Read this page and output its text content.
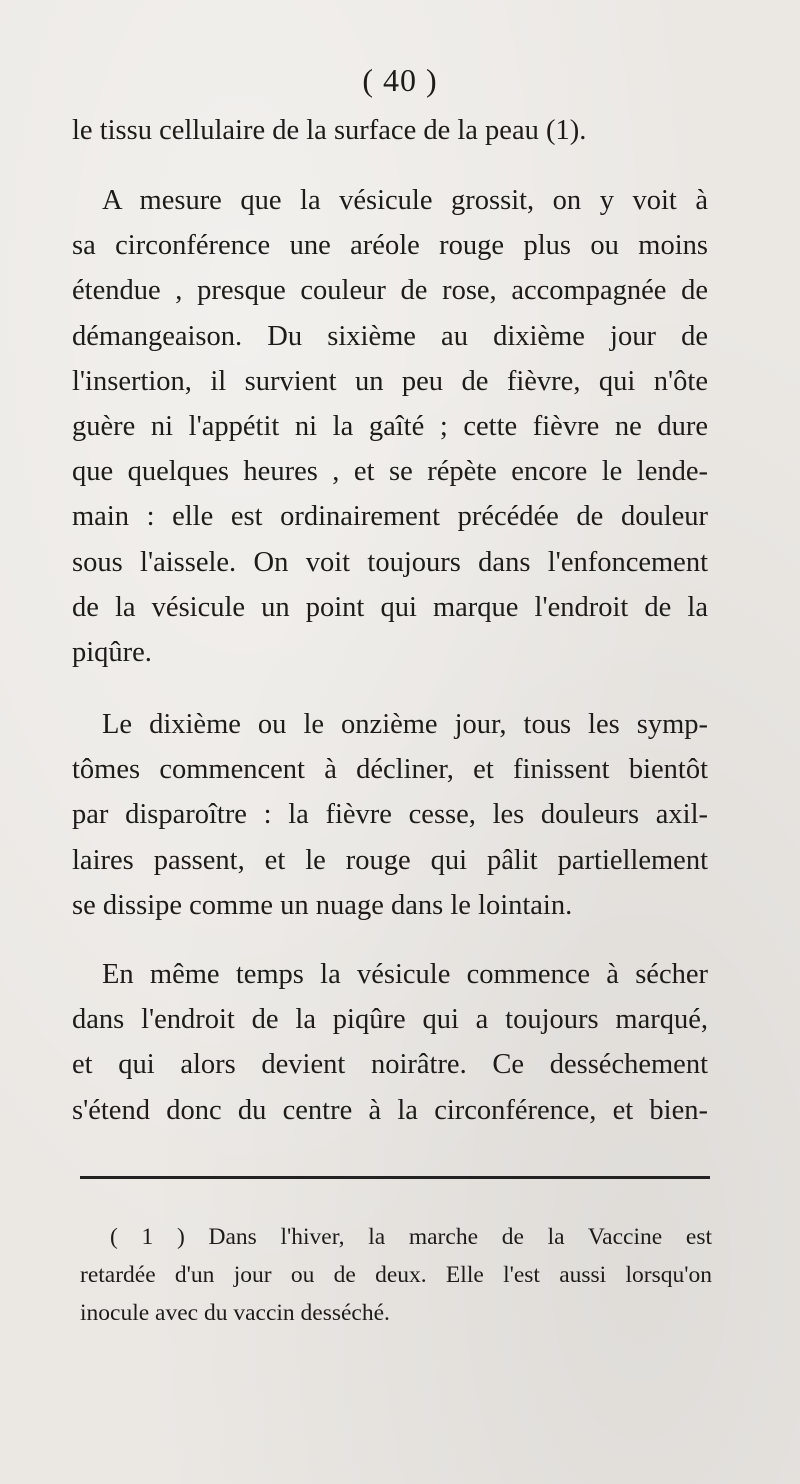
( 40 )
le tissu cellulaire de la surface de la peau (1).
A mesure que la vésicule grossit, on y voit à
sa circonférence une aréole rouge plus ou moins
étendue , presque couleur de rose, accompagnée de
démangeaison. Du sixième au dixième jour de
l'insertion, il survient un peu de fièvre, qui n'ôte
guère ni l'appétit ni la gaîté ; cette fièvre ne dure
que quelques heures , et se répète encore le lende-
main : elle est ordinairement précédée de douleur
sous l'aissele. On voit toujours dans l'enfoncement
de la vésicule un point qui marque l'endroit de la
piqûre.
Le dixième ou le onzième jour, tous les symp-
tômes commencent à décliner, et finissent bientôt
par disparoître : la fièvre cesse, les douleurs axil-
laires passent, et le rouge qui pâlit partiellement
se dissipe comme un nuage dans le lointain.
En même temps la vésicule commence à sécher
dans l'endroit de la piqûre qui a toujours marqué,
et qui alors devient noirâtre. Ce desséchement
s'étend donc du centre à la circonférence, et bien-
( 1 ) Dans l'hiver, la marche de la Vaccine est
retardée d'un jour ou de deux. Elle l'est aussi lorsqu'on
inocule avec du vaccin desséché.
